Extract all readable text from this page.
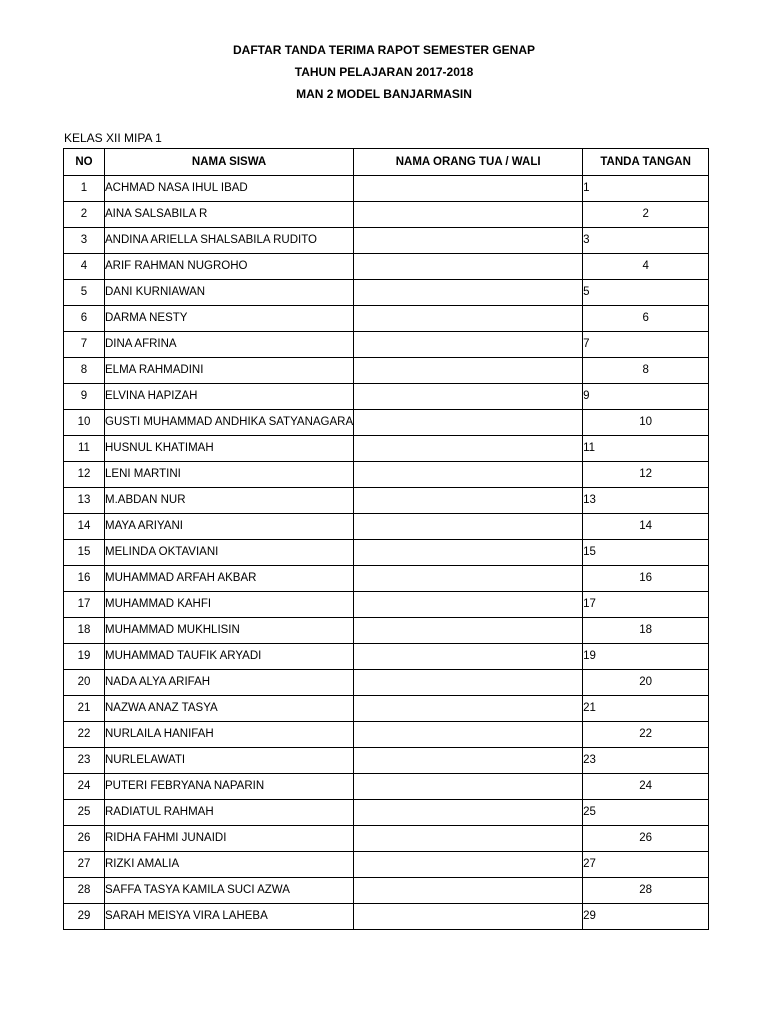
DAFTAR TANDA TERIMA RAPOT SEMESTER GENAP
TAHUN PELAJARAN 2017-2018
MAN 2 MODEL BANJARMASIN
KELAS XII MIPA 1
NO	NAMA SISWA	NAMA ORANG TUA / WALI	TANDA TANGAN
1	ACHMAD NASA IHUL IBAD		1
2	AINA SALSABILA R		2
3	ANDINA ARIELLA SHALSABILA RUDITO		3
4	ARIF RAHMAN NUGROHO		4
5	DANI KURNIAWAN		5
6	DARMA NESTY		6
7	DINA AFRINA		7
8	ELMA RAHMADINI		8
9	ELVINA HAPIZAH		9
10	GUSTI MUHAMMAD ANDHIKA SATYANAGARA		10
11	HUSNUL KHATIMAH		11
12	LENI MARTINI		12
13	M.ABDAN NUR		13
14	MAYA ARIYANI		14
15	MELINDA OKTAVIANI		15
16	MUHAMMAD ARFAH AKBAR		16
17	MUHAMMAD KAHFI		17
18	MUHAMMAD MUKHLISIN		18
19	MUHAMMAD TAUFIK ARYADI		19
20	NADA ALYA ARIFAH		20
21	NAZWA ANAZ TASYA		21
22	NURLAILA HANIFAH		22
23	NURLELAWATI		23
24	PUTERI FEBRYANA NAPARIN		24
25	RADIATUL RAHMAH		25
26	RIDHA FAHMI JUNAIDI		26
27	RIZKI AMALIA		27
28	SAFFA TASYA KAMILA SUCI AZWA		28
29	SARAH MEISYA VIRA LAHEBA		29
